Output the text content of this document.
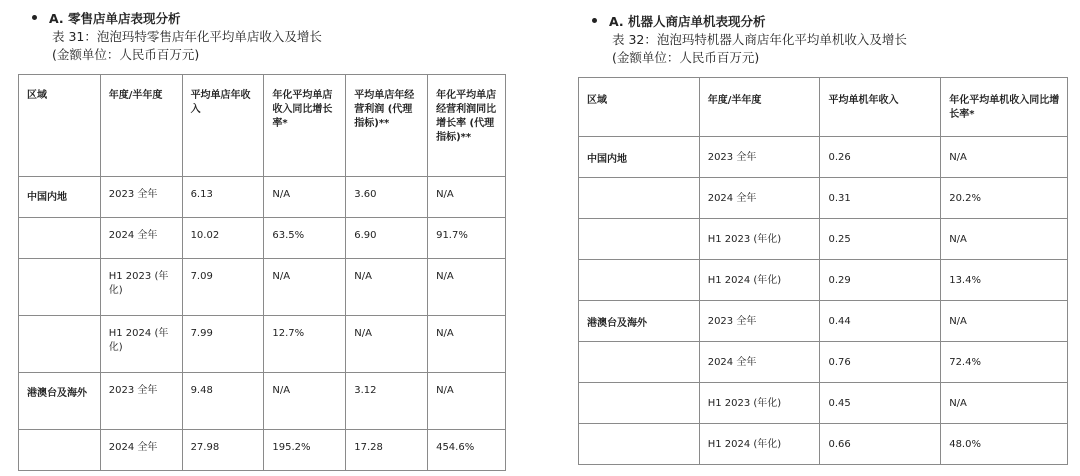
A. 零售店单店表现分析
表 31：泡泡玛特零售店年化平均单店收入及增长
(金额单位：人民币百万元)
区域	年度/半年度	平均单店年收入	年化平均单店收入同比增长率*	平均单店年经营利润 (代理指标)**	年化平均单店经营利润同比增长率 (代理指标)**
中国内地	2023 全年	6.13	N/A	3.60	N/A
	2024 全年	10.02	63.5%	6.90	91.7%
	H1 2023 (年化)	7.09	N/A	N/A	N/A
	H1 2024 (年化)	7.99	12.7%	N/A	N/A
港澳台及海外	2023 全年	9.48	N/A	3.12	N/A
	2024 全年	27.98	195.2%	17.28	454.6%
A. 机器人商店单机表现分析
表 32：泡泡玛特机器人商店年化平均单机收入及增长
(金额单位：人民币百万元)
区域	年度/半年度	平均单机年收入	年化平均单机收入同比增长率*
中国内地	2023 全年	0.26	N/A
	2024 全年	0.31	20.2%
	H1 2023 (年化)	0.25	N/A
	H1 2024 (年化)	0.29	13.4%
港澳台及海外	2023 全年	0.44	N/A
	2024 全年	0.76	72.4%
	H1 2023 (年化)	0.45	N/A
	H1 2024 (年化)	0.66	48.0%
